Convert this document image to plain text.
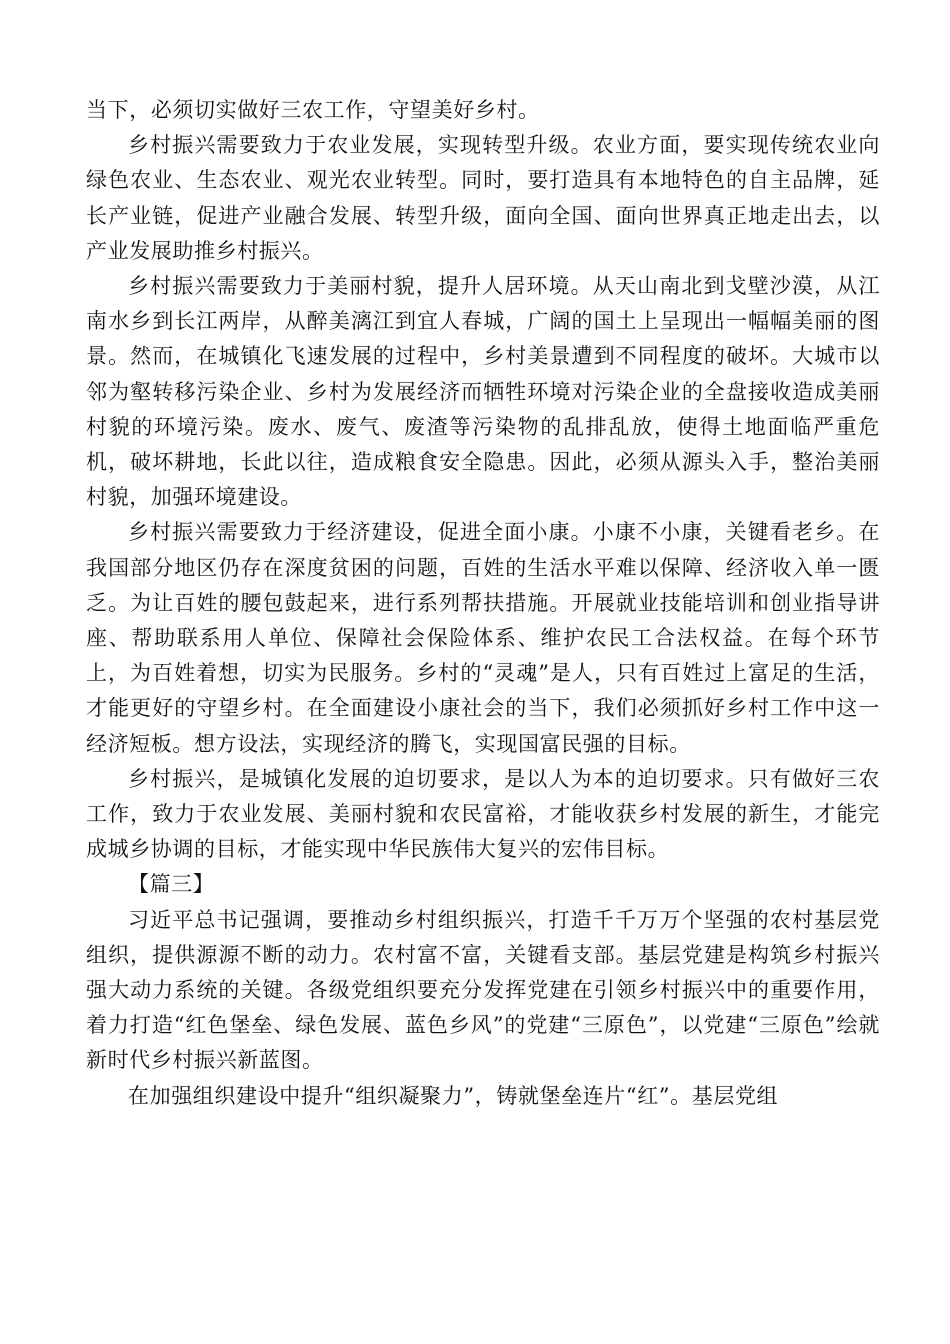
当下，必须切实做好三农工作，守望美好乡村。

乡村振兴需要致力于农业发展，实现转型升级。农业方面，要实现传统农业向绿色农业、生态农业、观光农业转型。同时，要打造具有本地特色的自主品牌，延长产业链，促进产业融合发展、转型升级，面向全国、面向世界真正地走出去，以产业发展助推乡村振兴。

乡村振兴需要致力于美丽村貌，提升人居环境。从天山南北到戈壁沙漠，从江南水乡到长江两岸，从醉美漓江到宜人春城，广阔的国土上呈现出一幅幅美丽的图景。然而，在城镇化飞速发展的过程中，乡村美景遭到不同程度的破坏。大城市以邻为壑转移污染企业、乡村为发展经济而牺牲环境对污染企业的全盘接收造成美丽村貌的环境污染。废水、废气、废渣等污染物的乱排乱放，使得土地面临严重危机，破坏耕地，长此以往，造成粮食安全隐患。因此，必须从源头入手，整治美丽村貌，加强环境建设。

乡村振兴需要致力于经济建设，促进全面小康。小康不小康，关键看老乡。在我国部分地区仍存在深度贫困的问题，百姓的生活水平难以保障、经济收入单一匮乏。为让百姓的腰包鼓起来，进行系列帮扶措施。开展就业技能培训和创业指导讲座、帮助联系用人单位、保障社会保险体系、维护农民工合法权益。在每个环节上，为百姓着想，切实为民服务。乡村的“灵魂”是人，只有百姓过上富足的生活，才能更好的守望乡村。在全面建设小康社会的当下，我们必须抓好乡村工作中这一经济短板。想方设法，实现经济的腾飞，实现国富民强的目标。

乡村振兴，是城镇化发展的迫切要求，是以人为本的迫切要求。只有做好三农工作，致力于农业发展、美丽村貌和农民富裕，才能收获乡村发展的新生，才能完成城乡协调的目标，才能实现中华民族伟大复兴的宏伟目标。

【篇三】

习近平总书记强调，要推动乡村组织振兴，打造千千万万个坚强的农村基层党组织，提供源源不断的动力。农村富不富，关键看支部。基层党建是构筑乡村振兴强大动力系统的关键。各级党组织要充分发挥党建在引领乡村振兴中的重要作用，着力打造“红色堡垒、绿色发展、蓝色乡风”的党建“三原色”，以党建“三原色”绘就新时代乡村振兴新蓝图。

在加强组织建设中提升“组织凝聚力”，铸就堡垒连片“红”。基层党组
